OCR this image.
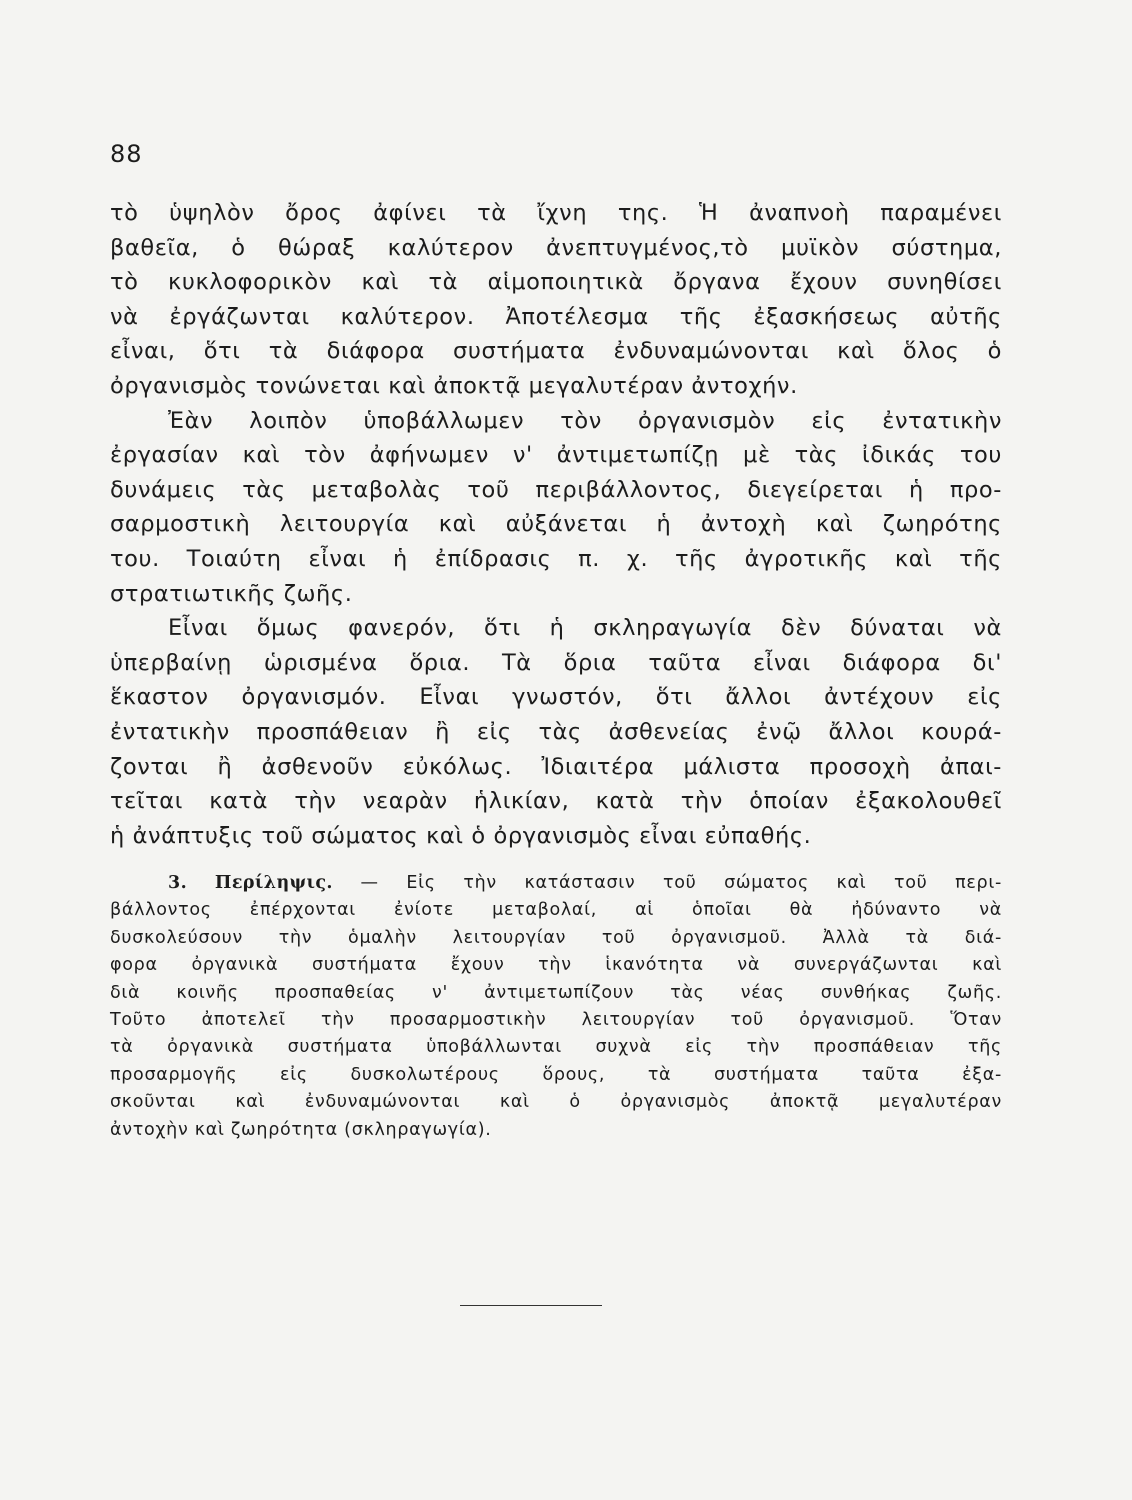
88
τὸ ὑψηλὸν ὄρος ἀφίνει τὰ ἴχνη της. Ἡ ἀναπνοὴ παραμένει
βαθεῖα, ὁ θώραξ καλύτερον ἀνεπτυγμένος,τὸ μυϊκὸν σύστημα,
τὸ κυκλοφορικὸν καὶ τὰ αἱμοποιητικὰ ὄργανα ἔχουν συνηθίσει
νὰ ἐργάζωνται καλύτερον. Ἀποτέλεσμα τῆς ἐξασκήσεως αὐτῆς
εἶναι, ὅτι τὰ διάφορα συστήματα ἐνδυναμώνονται καὶ ὅλος ὁ
ὀργανισμὸς τονώνεται καὶ ἀποκτᾷ μεγαλυτέραν ἀντοχήν.
Ἐὰν λοιπὸν ὑποβάλλωμεν τὸν ὀργανισμὸν εἰς ἐντατικὴν
ἐργασίαν καὶ τὸν ἀφήνωμεν ν' ἀντιμετωπίζῃ μὲ τὰς ἰδικάς του
δυνάμεις τὰς μεταβολὰς τοῦ περιβάλλοντος, διεγείρεται ἡ προ-
σαρμοστικὴ λειτουργία καὶ αὐξάνεται ἡ ἀντοχὴ καὶ ζωηρότης
του. Τοιαύτη εἶναι ἡ ἐπίδρασις π. χ. τῆς ἀγροτικῆς καὶ τῆς
στρατιωτικῆς ζωῆς.
Εἶναι ὅμως φανερόν, ὅτι ἡ σκληραγωγία δὲν δύναται νὰ
ὑπερβαίνῃ ὡρισμένα ὅρια. Τὰ ὅρια ταῦτα εἶναι διάφορα δι'
ἕκαστον ὀργανισμόν. Εἶναι γνωστόν, ὅτι ἄλλοι ἀντέχουν εἰς
ἐντατικὴν προσπάθειαν ἢ εἰς τὰς ἀσθενείας ἐνῷ ἄλλοι κουρά-
ζονται ἢ ἀσθενοῦν εὐκόλως. Ἰδιαιτέρα μάλιστα προσοχὴ ἀπαι-
τεῖται κατὰ τὴν νεαρὰν ἡλικίαν, κατὰ τὴν ὁποίαν ἐξακολουθεῖ
ἡ ἀνάπτυξις τοῦ σώματος καὶ ὁ ὀργανισμὸς εἶναι εὐπαθής.
3. Περίληψις. — Εἰς τὴν κατάστασιν τοῦ σώματος καὶ τοῦ περι-
βάλλοντος ἐπέρχονται ἐνίοτε μεταβολαί, αἱ ὁποῖαι θὰ ἠδύναντο νὰ
δυσκολεύσουν τὴν ὁμαλὴν λειτουργίαν τοῦ ὀργανισμοῦ. Ἀλλὰ τὰ διά-
φορα ὀργανικὰ συστήματα ἔχουν τὴν ἱκανότητα νὰ συνεργάζωνται καὶ
διὰ κοινῆς προσπαθείας ν' ἀντιμετωπίζουν τὰς νέας συνθήκας ζωῆς.
Τοῦτο ἀποτελεῖ τὴν προσαρμοστικὴν λειτουργίαν τοῦ ὀργανισμοῦ. Ὅταν
τὰ ὀργανικὰ συστήματα ὑποβάλλωνται συχνὰ εἰς τὴν προσπάθειαν τῆς
προσαρμογῆς εἰς δυσκολωτέρους ὅρους, τὰ συστήματα ταῦτα ἐξα-
σκοῦνται καὶ ἐνδυναμώνονται καὶ ὁ ὀργανισμὸς ἀποκτᾷ μεγαλυτέραν
ἀντοχὴν καὶ ζωηρότητα (σκληραγωγία).
